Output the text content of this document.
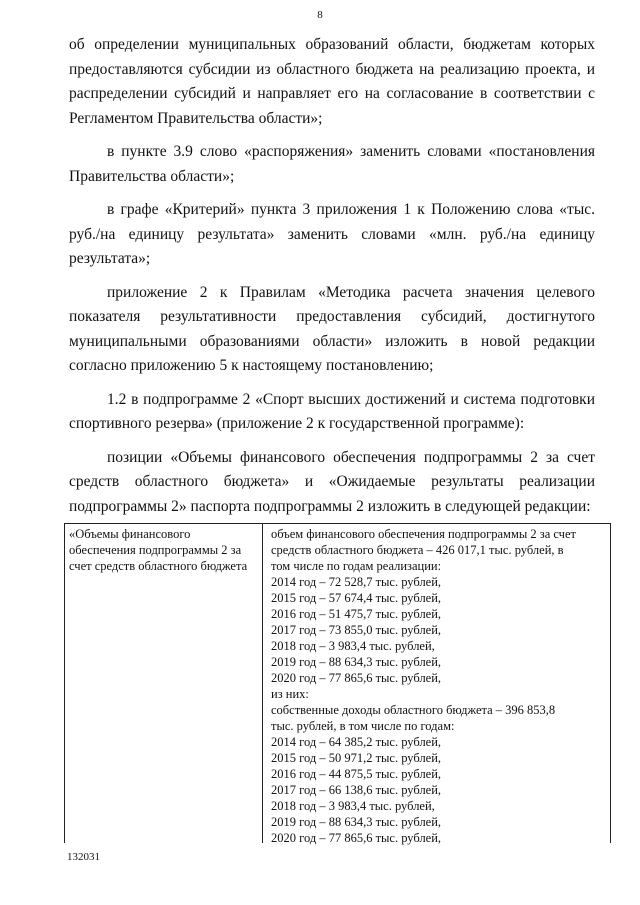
8

об определении муниципальных образований области, бюджетам которых предоставляются субсидии из областного бюджета на реализацию проекта, и распределении субсидий и направляет его на согласование в соответствии с Регламентом Правительства области»;

в пункте 3.9 слово «распоряжения» заменить словами «постановления Правительства области»;

в графе «Критерий» пункта 3 приложения 1 к Положению слова «тыс. руб./на единицу результата» заменить словами «млн. руб./на единицу результата»;

приложение 2 к Правилам «Методика расчета значения целевого показателя результативности предоставления субсидий, достигнутого муниципальными образованиями области» изложить в новой редакции согласно приложению 5 к настоящему постановлению;

1.2 в подпрограмме 2 «Спорт высших достижений и система подготовки спортивного резерва» (приложение 2 к государственной программе):

позиции «Объемы финансового обеспечения подпрограммы 2 за счет средств областного бюджета» и «Ожидаемые результаты реализации подпрограммы 2» паспорта подпрограммы 2 изложить в следующей редакции:

«Объемы финансового обеспечения подпрограммы 2 за счет средств областного бюджета
объем финансового обеспечения подпрограммы 2 за счет
средств областного бюджета – 426 017,1 тыс. рублей, в
том числе по годам реализации:
2014 год – 72 528,7 тыс. рублей,
2015 год – 57 674,4 тыс. рублей,
2016 год – 51 475,7 тыс. рублей,
2017 год – 73 855,0 тыс. рублей,
2018 год – 3 983,4 тыс. рублей,
2019 год – 88 634,3 тыс. рублей,
2020 год – 77 865,6 тыс. рублей,
из них:
собственные доходы областного бюджета – 396 853,8
тыс. рублей, в том числе по годам:
2014 год – 64 385,2 тыс. рублей,
2015 год – 50 971,2 тыс. рублей,
2016 год – 44 875,5 тыс. рублей,
2017 год – 66 138,6 тыс. рублей,
2018 год – 3 983,4 тыс. рублей,
2019 год – 88 634,3 тыс. рублей,
2020 год – 77 865,6 тыс. рублей,
132031
